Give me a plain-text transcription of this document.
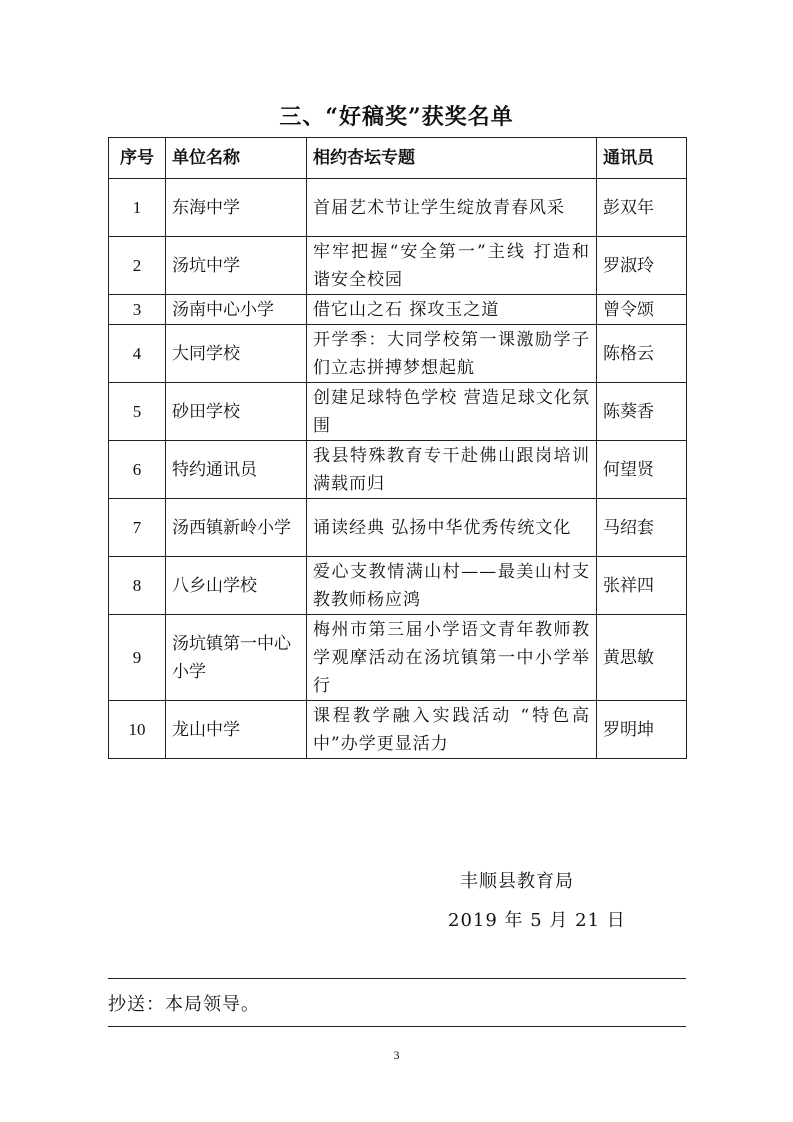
三、“好稿奖”获奖名单
序号	单位名称	相约杏坛专题	通讯员
1	东海中学	首届艺术节让学生绽放青春风采	彭双年
2	汤坑中学	牢牢把握“安全第一”主线 打造和谐安全校园	罗淑玲
3	汤南中心小学	借它山之石 探攻玉之道	曾令颂
4	大同学校	开学季：大同学校第一课激励学子们立志拼搏梦想起航	陈格云
5	砂田学校	创建足球特色学校 营造足球文化氛围	陈葵香
6	特约通讯员	我县特殊教育专干赴佛山跟岗培训满载而归	何望贤
7	汤西镇新岭小学	诵读经典 弘扬中华优秀传统文化	马绍套
8	八乡山学校	爱心支教情满山村——最美山村支教教师杨应鸿	张祥四
9	汤坑镇第一中心小学	梅州市第三届小学语文青年教师教学观摩活动在汤坑镇第一中小学举行	黄思敏
10	龙山中学	课程教学融入实践活动 “特色高中”办学更显活力	罗明坤
丰顺县教育局
2019 年 5 月 21 日
抄送：本局领导。
3
